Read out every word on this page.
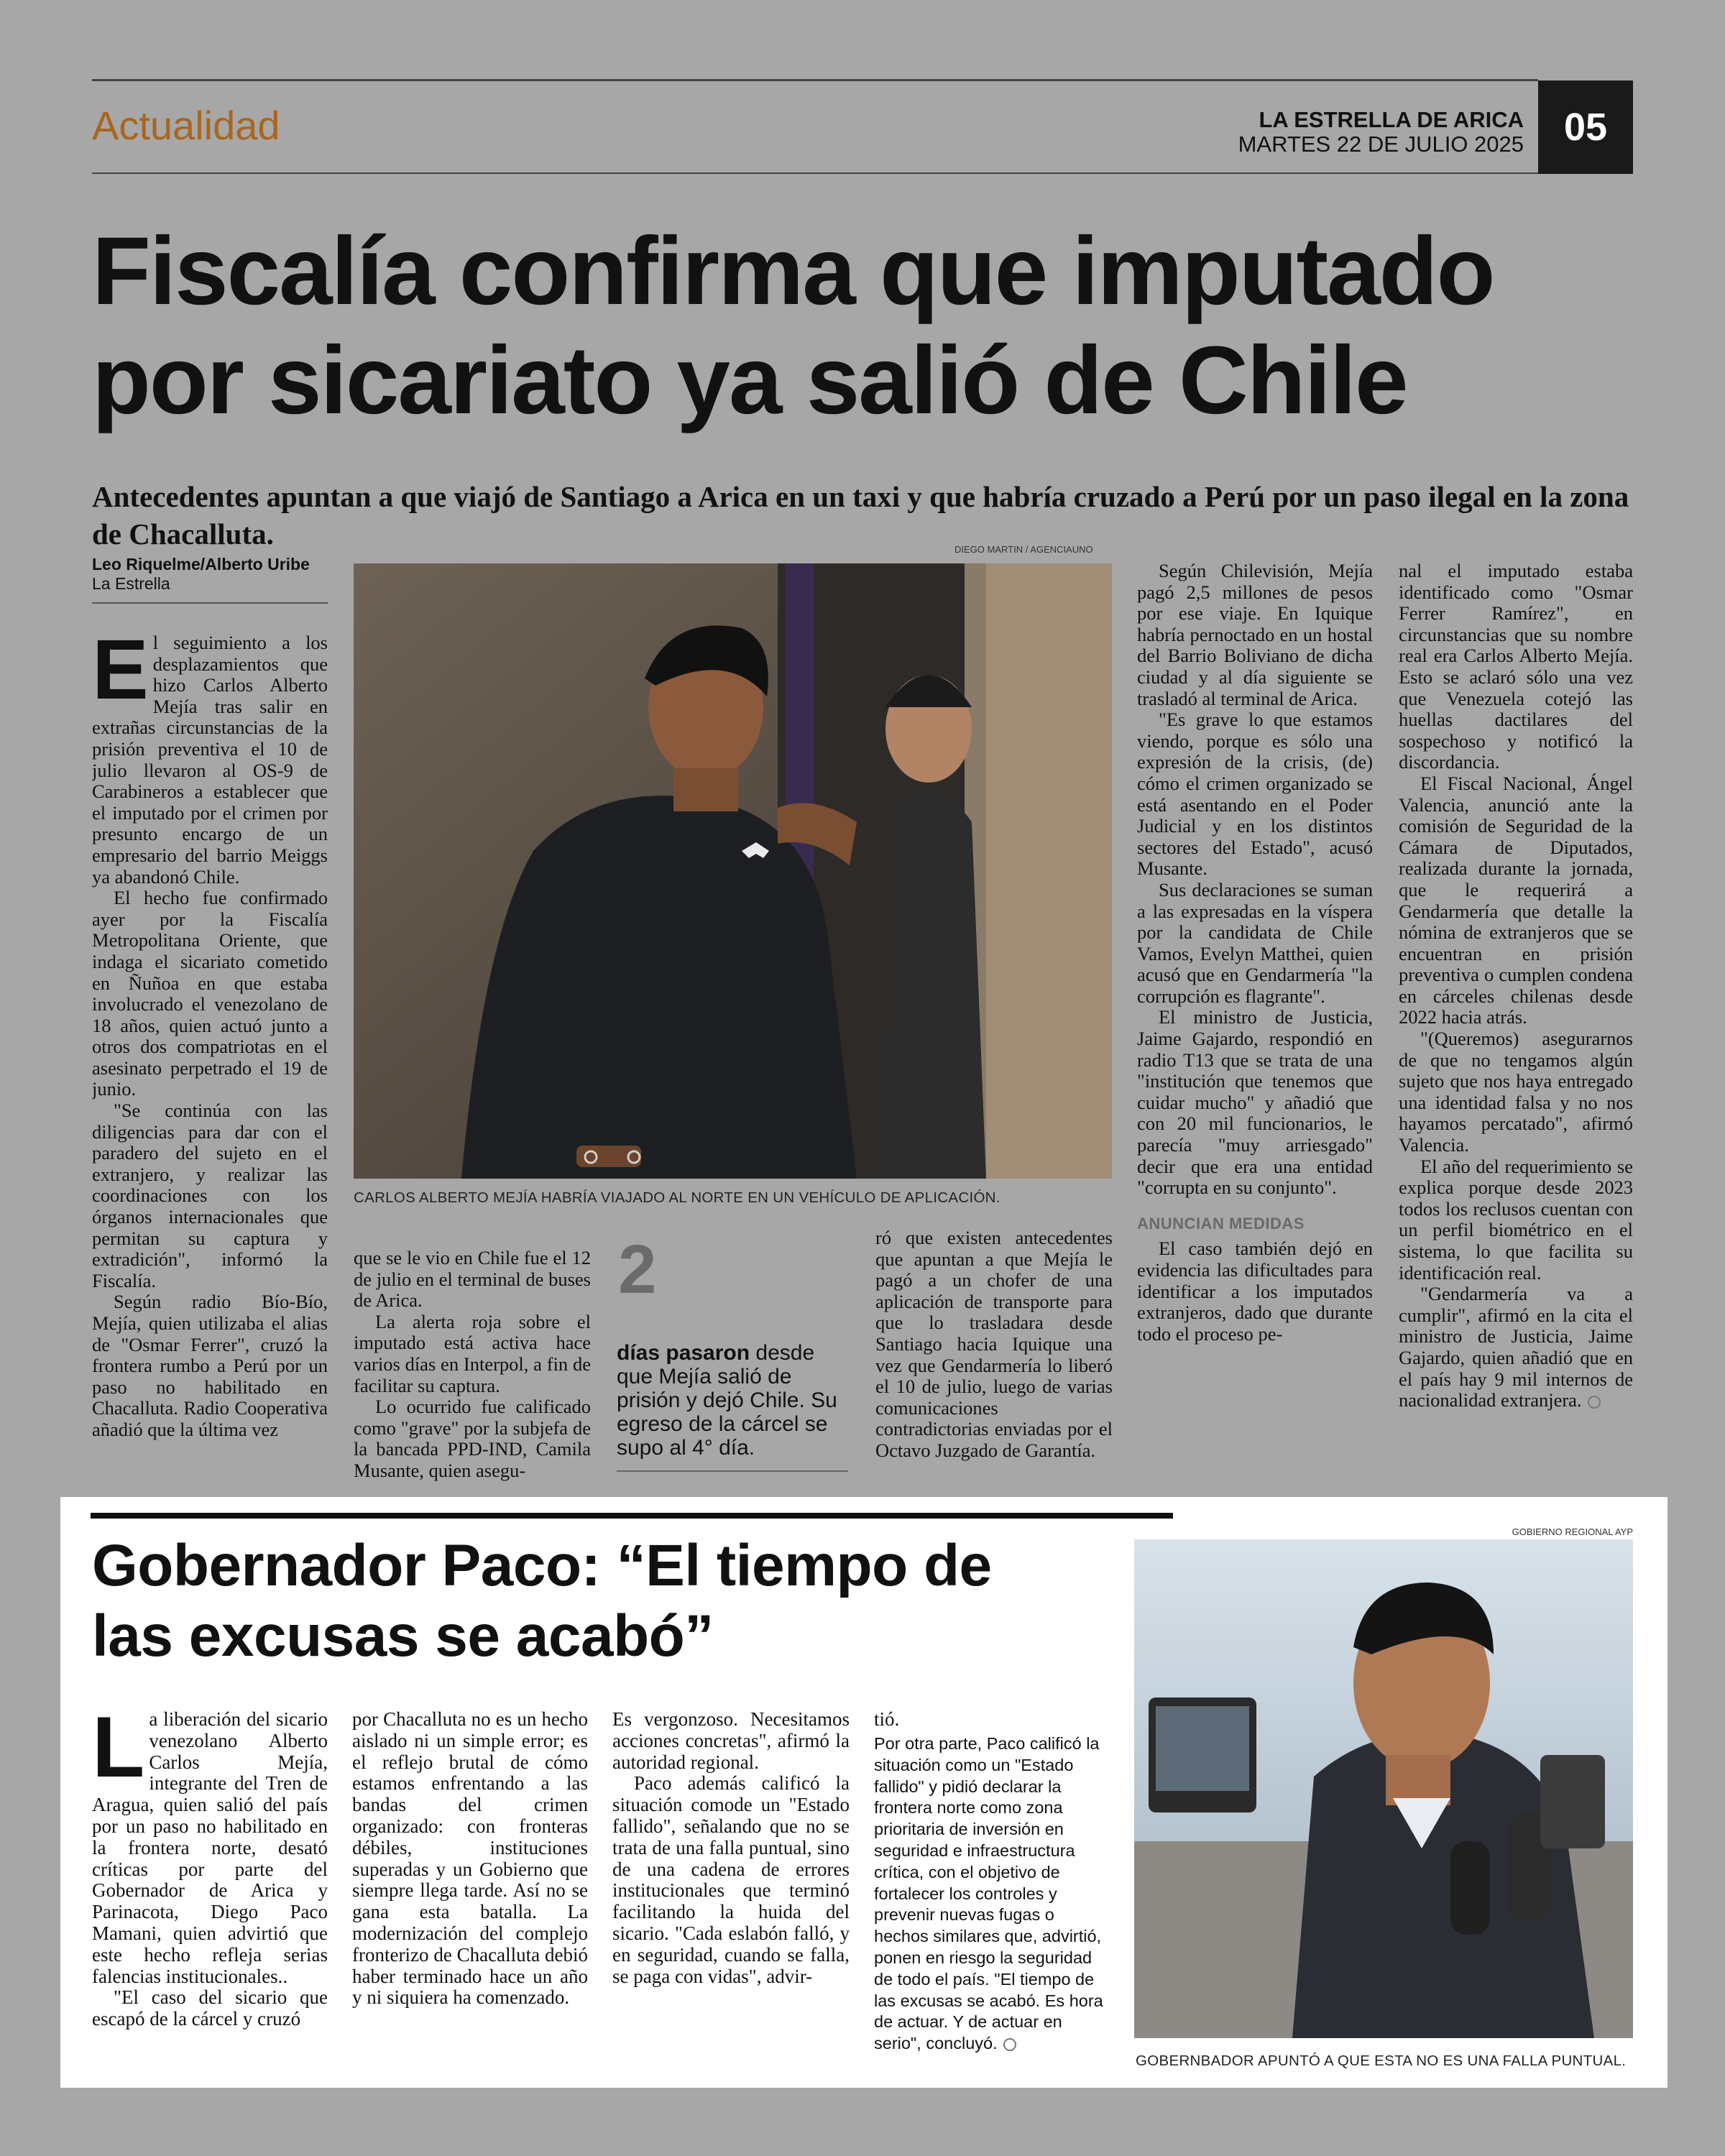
Actualidad	LA ESTRELLA DE ARICA
MARTES 22 DE JULIO 2025	05
Fiscalía confirma que imputado
por sicariato ya salió de Chile
Antecedentes apuntan a que viajó de Santiago a Arica en un taxi y que habría cruzado a Perú por un paso ilegal en la zona de Chacalluta.
Leo Riquelme/Alberto Uribe
La Estrella

El seguimiento a los desplazamientos que hizo Carlos Alberto Mejía tras salir en extrañas circunstancias de la prisión preventiva el 10 de julio llevaron al OS-9 de Carabineros a establecer que el imputado por el crimen por presunto encargo de un empresario del barrio Meiggs ya abandonó Chile.

El hecho fue confirmado ayer por la Fiscalía Metropolitana Oriente, que indaga el sicariato cometido en Ñuñoa en que estaba involucrado el venezolano de 18 años, quien actuó junto a otros dos compatriotas en el asesinato perpetrado el 19 de junio.

"Se continúa con las diligencias para dar con el paradero del sujeto en el extranjero, y realizar las coordinaciones con los órganos internacionales que permitan su captura y extradición", informó la Fiscalía.

Según radio Bío-Bío, Mejía, quien utilizaba el alias de "Osmar Ferrer", cruzó la frontera rumbo a Perú por un paso no habilitado en Chacalluta. Radio Cooperativa añadió que la última vez

DIEGO MARTIN / AGENCIAUNO
CARLOS ALBERTO MEJÍA HABRÍA VIAJADO AL NORTE EN UN VEHÍCULO DE APLICACIÓN.

que se le vio en Chile fue el 12 de julio en el terminal de buses de Arica.

La alerta roja sobre el imputado está activa hace varios días en Interpol, a fin de facilitar su captura.

Lo ocurrido fue calificado como "grave" por la subjefa de la bancada PPD-IND, Camila Musante, quien asegu-

2
días pasaron desde que Mejía salió de prisión y dejó Chile. Su egreso de la cárcel se supo al 4° día.

ró que existen antecedentes que apuntan a que Mejía le pagó a un chofer de una aplicación de transporte para que lo trasladara desde Santiago hacia Iquique una vez que Gendarmería lo liberó el 10 de julio, luego de varias comunicaciones contradictorias enviadas por el Octavo Juzgado de Garantía.

Según Chilevisión, Mejía pagó 2,5 millones de pesos por ese viaje. En Iquique habría pernoctado en un hostal del Barrio Boliviano de dicha ciudad y al día siguiente se trasladó al terminal de Arica.

"Es grave lo que estamos viendo, porque es sólo una expresión de la crisis, (de) cómo el crimen organizado se está asentando en el Poder Judicial y en los distintos sectores del Estado", acusó Musante.

Sus declaraciones se suman a las expresadas en la víspera por la candidata de Chile Vamos, Evelyn Matthei, quien acusó que en Gendarmería "la corrupción es flagrante".

El ministro de Justicia, Jaime Gajardo, respondió en radio T13 que se trata de una "institución que tenemos que cuidar mucho" y añadió que con 20 mil funcionarios, le parecía "muy arriesgado" decir que era una entidad "corrupta en su conjunto".

ANUNCIAN MEDIDAS

El caso también dejó en evidencia las dificultades para identificar a los imputados extranjeros, dado que durante todo el proceso pe-

nal el imputado estaba identificado como "Osmar Ferrer Ramírez", en circunstancias que su nombre real era Carlos Alberto Mejía. Esto se aclaró sólo una vez que Venezuela cotejó las huellas dactilares del sospechoso y notificó la discordancia.

El Fiscal Nacional, Ángel Valencia, anunció ante la comisión de Seguridad de la Cámara de Diputados, realizada durante la jornada, que le requerirá a Gendarmería que detalle la nómina de extranjeros que se encuentran en prisión preventiva o cumplen condena en cárceles chilenas desde 2022 hacia atrás.

"(Queremos) asegurarnos de que no tengamos algún sujeto que nos haya entregado una identidad falsa y no nos hayamos percatado", afirmó Valencia.

El año del requerimiento se explica porque desde 2023 todos los reclusos cuentan con un perfil biométrico en el sistema, lo que facilita su identificación real.

"Gendarmería va a cumplir", afirmó en la cita el ministro de Justicia, Jaime Gajardo, quien añadió que en el país hay 9 mil internos de nacionalidad extranjera.

Gobernador Paco: “El tiempo de
las excusas se acabó”

La liberación del sicario venezolano Alberto Carlos Mejía, integrante del Tren de Aragua, quien salió del país por un paso no habilitado en la frontera norte, desató críticas por parte del Gobernador de Arica y Parinacota, Diego Paco Mamani, quien advirtió que este hecho refleja serias falencias institucionales..

"El caso del sicario que escapó de la cárcel y cruzó

por Chacalluta no es un hecho aislado ni un simple error; es el reflejo brutal de cómo estamos enfrentando a las bandas del crimen organizado: con fronteras débiles, instituciones superadas y un Gobierno que siempre llega tarde. Así no se gana esta batalla. La modernización del complejo fronterizo de Chacalluta debió haber terminado hace un año y ni siquiera ha comenzado.

Es vergonzoso. Necesitamos acciones concretas", afirmó la autoridad regional.

Paco además calificó la situación comode un "Estado fallido", señalando que no se trata de una falla puntual, sino de una cadena de errores institucionales que terminó facilitando la huida del sicario. "Cada eslabón falló, y en seguridad, cuando se falla, se paga con vidas", advir-

tió.

Por otra parte, Paco calificó la situación como un "Estado fallido" y pidió declarar la frontera norte como zona prioritaria de inversión en seguridad e infraestructura crítica, con el objetivo de fortalecer los controles y prevenir nuevas fugas o hechos similares que, advirtió, ponen en riesgo la seguridad de todo el país. "El tiempo de las excusas se acabó. Es hora de actuar. Y de actuar en serio", concluyó.

GOBIERNO REGIONAL AYP
GOBERNBADOR APUNTÓ A QUE ESTA NO ES UNA FALLA PUNTUAL.
